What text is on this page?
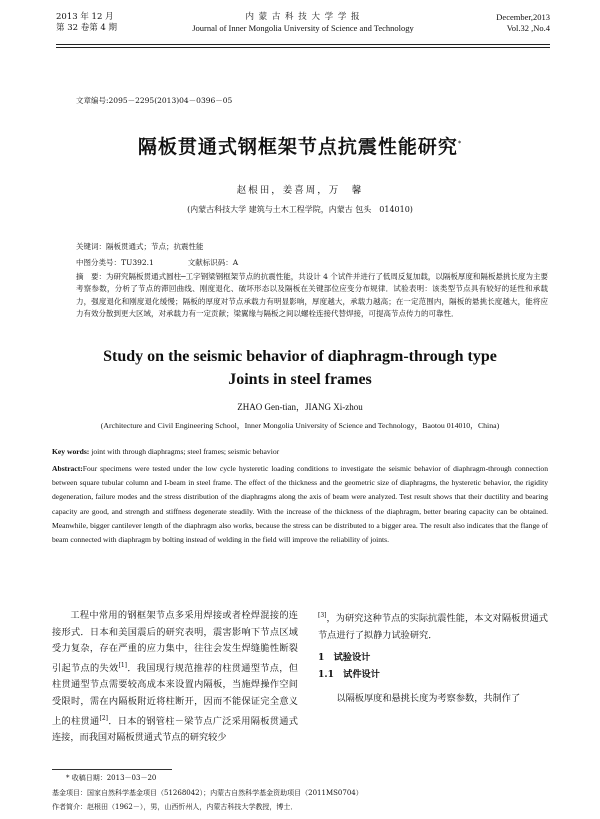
2013 年 12 月
第 32 卷第 4 期
内 蒙 古 科 技 大 学 学 报
Journal of Inner Mongolia University of Science and Technology
December,2013
Vol.32 ,No.4
文章编号:2095－2295(2013)04－0396－05
隔板贯通式钢框架节点抗震性能研究*
赵根田，姜喜周，万　馨
(内蒙古科技大学 建筑与土木工程学院，内蒙古 包头　014010)
关键词：隔板贯通式；节点；抗震性能
中图分类号：TU392.1	文献标识码：A
摘　要：为研究隔板贯通式圆柱─工字钢梁钢框架节点的抗震性能，共设计 4 个试件并进行了低周反复加载，以隔板厚度和隔板悬挑长度为主要考察参数，分析了节点的滞回曲线、刚度退化、破坏形态以及隔板在关键部位应变分布规律．试验表明：该类型节点具有较好的延性和承载力，强度退化和刚度退化缓慢；隔板的厚度对节点承载力有明显影响，厚度越大，承载力越高；在一定范围内，隔板的悬挑长度越大，能将应力有效分散到更大区域，对承载力有一定贡献；梁翼缘与隔板之间以螺栓连接代替焊接，可提高节点传力的可靠性．
Study on the seismic behavior of diaphragm-through type
Joints in steel frames
ZHAO Gen-tian，JIANG Xi-zhou
(Architecture and Civil Engineering School，Inner Mongolia University of Science and Technology，Baotou 014010，China)
Key words: joint with through diaphragms; steel frames; seismic behavior
Abstract:Four specimens were tested under the low cycle hysteretic loading conditions to investigate the seismic behavior of diaphragm-through connection between square tubular column and I-beam in steel frame. The effect of the thickness and the geometric size of diaphragms, the hysteretic behavior, the rigidity degeneration, failure modes and the stress distribution of the diaphragms along the axis of beam were analyzed. Test result shows that their ductility and bearing capacity are good, and strength and stiffness degenerate steadily. With the increase of the thickness of the diaphragm, better bearing capacity can be obtained. Meanwhile, bigger cantilever length of the diaphragm also works, because the stress can be distributed to a bigger area. The result also indicates that the flange of beam connected with diaphragm by bolting instead of welding in the field will improve the reliability of joints.
工程中常用的钢框架节点多采用焊接或者栓焊混接的连接形式．日本和美国震后的研究表明，震害影响下节点区域受力复杂，存在严重的应力集中，往往会发生焊缝脆性断裂引起节点的失效[1]．我国现行规范推荐的柱贯通型节点，但柱贯通型节点需要较高成本来设置内隔板，当施焊操作空间受限时，需在内隔板附近将柱断开，因而不能保证完全意义上的柱贯通[2]．日本的钢管柱－梁节点广泛采用隔板贯通式连接，而我国对隔板贯通式节点的研究较少
[3]，为研究这种节点的实际抗震性能，本文对隔板贯通式节点进行了拟静力试验研究．
1　试验设计
1.1　试件设计
以隔板厚度和悬挑长度为考察参数，共制作了
* 收稿日期：2013－03－20
基金项目：国家自然科学基金项目（51268042）；内蒙古自然科学基金资助项目（2011MS0704）
作者简介：赵根田（1962－），男，山西忻州人，内蒙古科技大学教授，博士．
